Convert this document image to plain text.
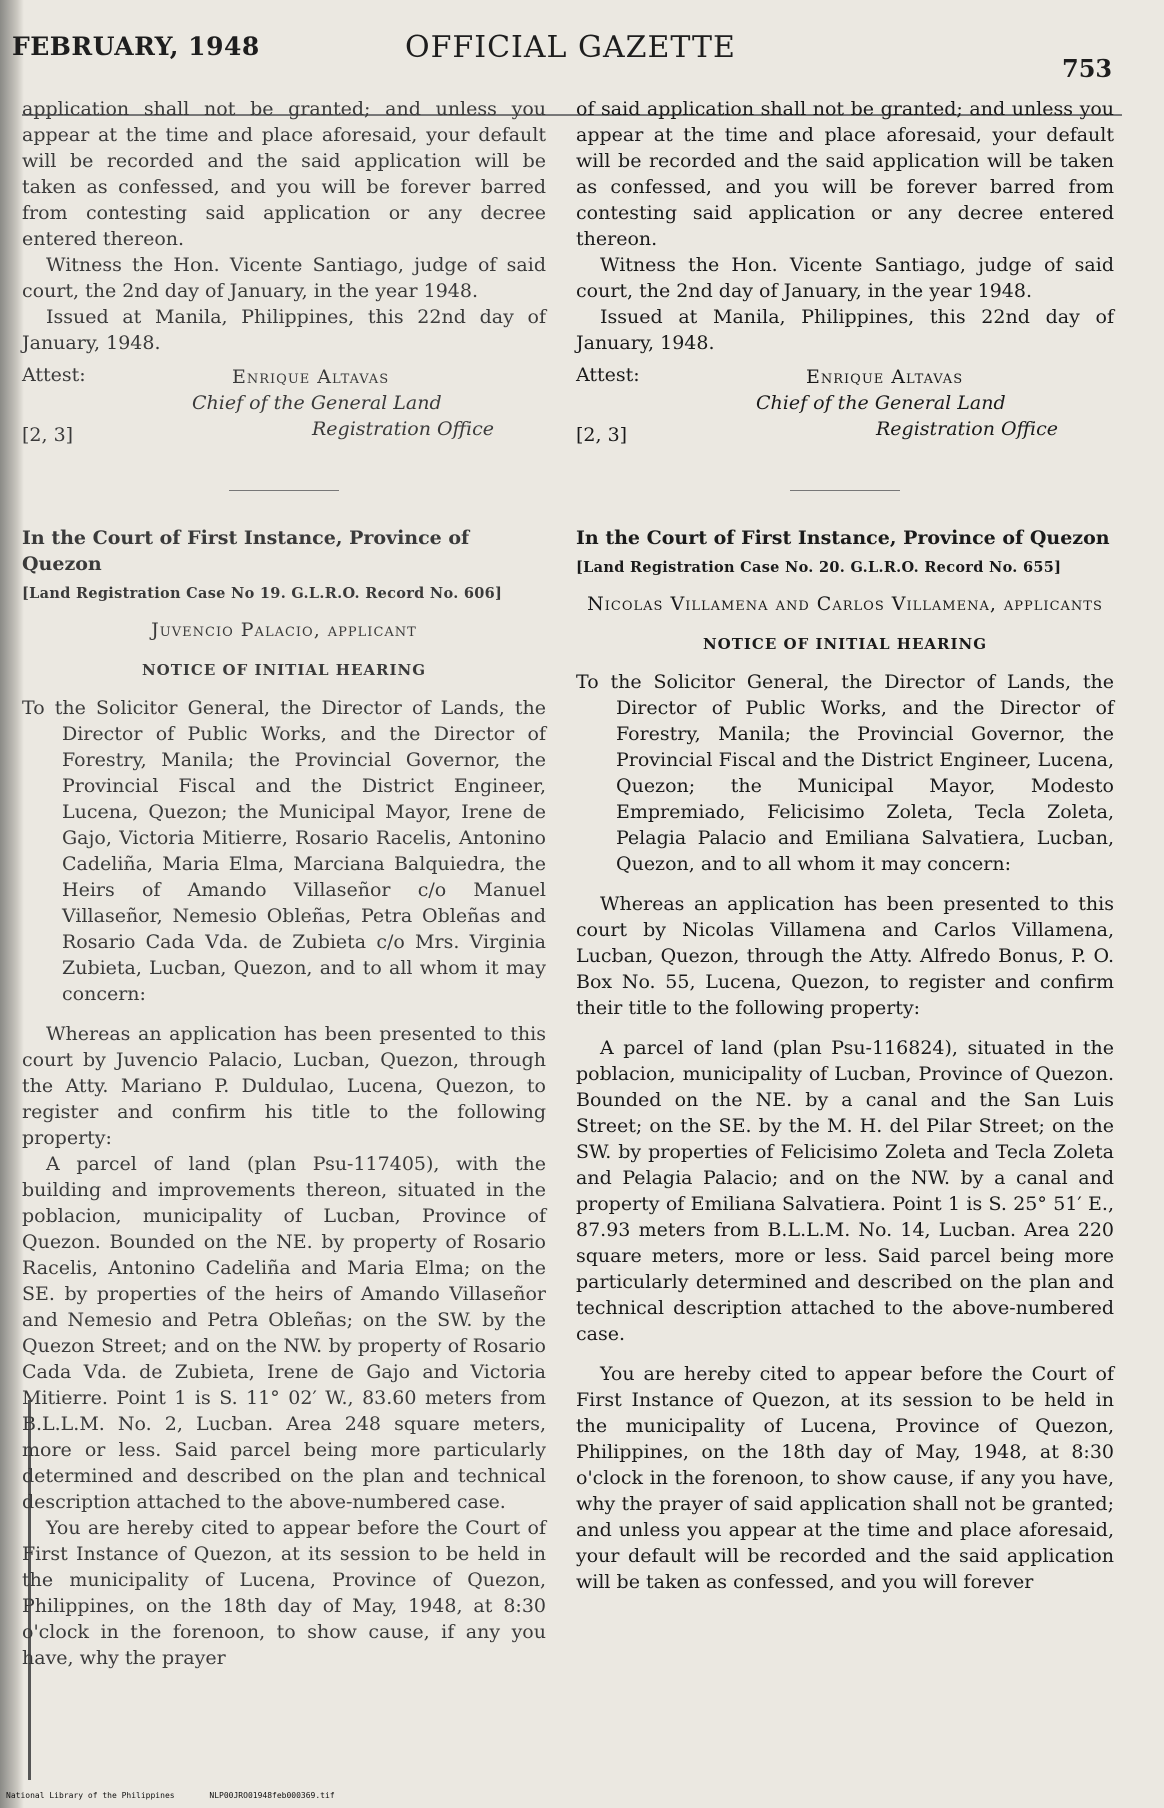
FEBRUARY, 1948	OFFICIAL GAZETTE
753

application shall not be granted; and unless you appear at the time and place aforesaid, your default will be recorded and the said application will be taken as confessed, and you will be forever barred from contesting said application or any decree entered thereon.

Witness the Hon. Vicente Santiago, judge of said court, the 2nd day of January, in the year 1948.

Issued at Manila, Philippines, this 22nd day of January, 1948.

Attest:	Enrique Altavas
Chief of the General Land
Registration Office
[2, 3]
In the Court of First Instance, Province of Quezon
[Land Registration Case No 19. G.L.R.O. Record No. 606]
Juvencio Palacio, applicant
NOTICE OF INITIAL HEARING

To the Solicitor General, the Director of Lands, the Director of Public Works, and the Director of Forestry, Manila; the Provincial Governor, the Provincial Fiscal and the District Engineer, Lucena, Quezon; the Municipal Mayor, Irene de Gajo, Victoria Mitierre, Rosario Racelis, Antonino Cadeliña, Maria Elma, Marciana Balquiedra, the Heirs of Amando Villaseñor c/o Manuel Villaseñor, Nemesio Obleñas, Petra Obleñas and Rosario Cada Vda. de Zubieta c/o Mrs. Virginia Zubieta, Lucban, Quezon, and to all whom it may concern:

Whereas an application has been presented to this court by Juvencio Palacio, Lucban, Quezon, through the Atty. Mariano P. Duldulao, Lucena, Quezon, to register and confirm his title to the following property:

A parcel of land (plan Psu-117405), with the building and improvements thereon, situated in the poblacion, municipality of Lucban, Province of Quezon. Bounded on the NE. by property of Rosario Racelis, Antonino Cadeliña and Maria Elma; on the SE. by properties of the heirs of Amando Villaseñor and Nemesio and Petra Obleñas; on the SW. by the Quezon Street; and on the NW. by property of Rosario Cada Vda. de Zubieta, Irene de Gajo and Victoria Mitierre. Point 1 is S. 11° 02′ W., 83.60 meters from B.L.L.M. No. 2, Lucban. Area 248 square meters, more or less. Said parcel being more particularly determined and described on the plan and technical description attached to the above-numbered case.

You are hereby cited to appear before the Court of First Instance of Quezon, at its session to be held in the municipality of Lucena, Province of Quezon, Philippines, on the 18th day of May, 1948, at 8:30 o'clock in the forenoon, to show cause, if any you have, why the prayer

of said application shall not be granted; and unless you appear at the time and place aforesaid, your default will be recorded and the said application will be taken as confessed, and you will be forever barred from contesting said application or any decree entered thereon.

Witness the Hon. Vicente Santiago, judge of said court, the 2nd day of January, in the year 1948.

Issued at Manila, Philippines, this 22nd day of January, 1948.

Attest:	Enrique Altavas
Chief of the General Land
Registration Office
[2, 3]
In the Court of First Instance, Province of Quezon
[Land Registration Case No. 20. G.L.R.O. Record No. 655]
Nicolas Villamena and Carlos Villamena, applicants
NOTICE OF INITIAL HEARING

To the Solicitor General, the Director of Lands, the Director of Public Works, and the Director of Forestry, Manila; the Provincial Governor, the Provincial Fiscal and the District Engineer, Lucena, Quezon; the Municipal Mayor, Modesto Empremiado, Felicisimo Zoleta, Tecla Zoleta, Pelagia Palacio and Emiliana Salvatiera, Lucban, Quezon, and to all whom it may concern:

Whereas an application has been presented to this court by Nicolas Villamena and Carlos Villamena, Lucban, Quezon, through the Atty. Alfredo Bonus, P. O. Box No. 55, Lucena, Quezon, to register and confirm their title to the following property:

A parcel of land (plan Psu-116824), situated in the poblacion, municipality of Lucban, Province of Quezon. Bounded on the NE. by a canal and the San Luis Street; on the SE. by the M. H. del Pilar Street; on the SW. by properties of Felicisimo Zoleta and Tecla Zoleta and Pelagia Palacio; and on the NW. by a canal and property of Emiliana Salvatiera. Point 1 is S. 25° 51′ E., 87.93 meters from B.L.L.M. No. 14, Lucban. Area 220 square meters, more or less. Said parcel being more particularly determined and described on the plan and technical description attached to the above-numbered case.

You are hereby cited to appear before the Court of First Instance of Quezon, at its session to be held in the municipality of Lucena, Province of Quezon, Philippines, on the 18th day of May, 1948, at 8:30 o'clock in the forenoon, to show cause, if any you have, why the prayer of said application shall not be granted; and unless you appear at the time and place aforesaid, your default will be recorded and the said application will be taken as confessed, and you will forever

National Library of the Philippines	NLP00JRO01948feb000369.tif
